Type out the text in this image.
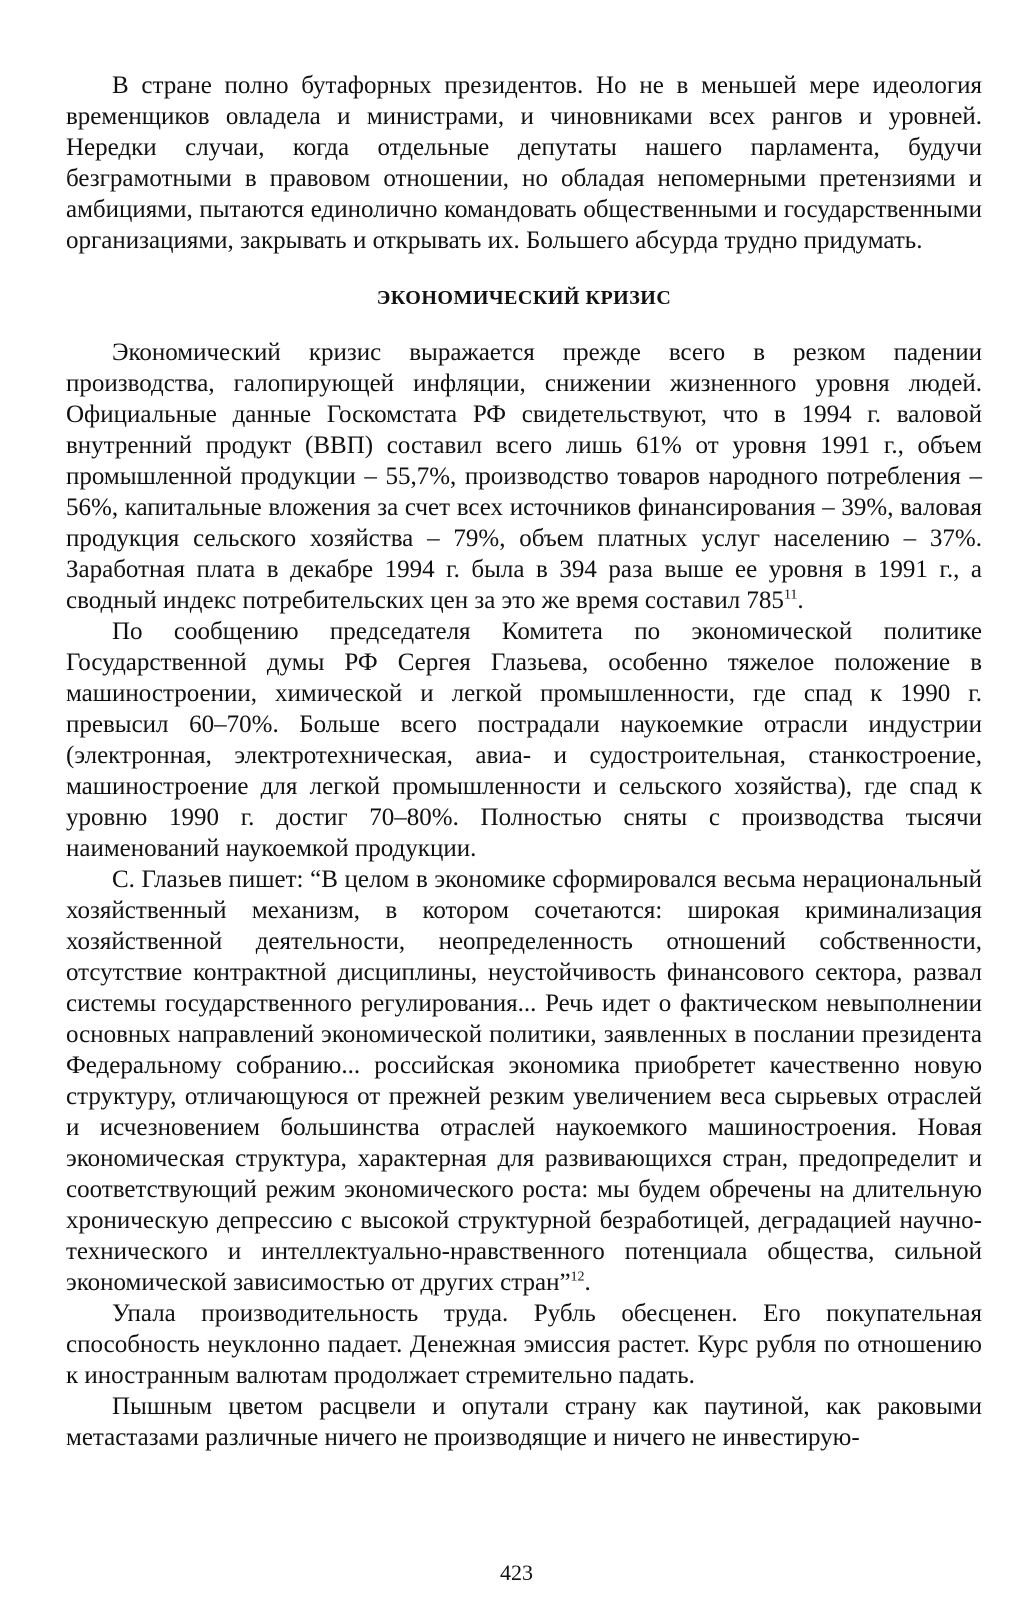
В стране полно бутафорных президентов. Но не в меньшей мере идеология временщиков овладела и министрами, и чиновниками всех рангов и уровней. Нередки случаи, когда отдельные депутаты нашего парламента, будучи безграмотными в правовом отношении, но обладая непомерными претензиями и амбициями, пытаются единолично командовать общественными и государственными организациями, закрывать и открывать их. Большего абсурда трудно придумать.

ЭКОНОМИЧЕСКИЙ КРИЗИС

Экономический кризис выражается прежде всего в резком падении производства, галопирующей инфляции, снижении жизненного уровня людей. Официальные данные Госкомстата РФ свидетельствуют, что в 1994 г. валовой внутренний продукт (ВВП) составил всего лишь 61% от уровня 1991 г., объем промышленной продукции – 55,7%, производство товаров народного потребления – 56%, капитальные вложения за счет всех источников финансирования – 39%, валовая продукция сельского хозяйства – 79%, объем платных услуг населению – 37%. Заработная плата в декабре 1994 г. была в 394 раза выше ее уровня в 1991 г., а сводный индекс потребительских цен за это же время составил 785$^{11}$.

По сообщению председателя Комитета по экономической политике Государственной думы РФ Сергея Глазьева, особенно тяжелое положение в машиностроении, химической и легкой промышленности, где спад к 1990 г. превысил 60–70%. Больше всего пострадали наукоемкие отрасли индустрии (электронная, электротехническая, авиа- и судостроительная, станкостроение, машиностроение для легкой промышленности и сельского хозяйства), где спад к уровню 1990 г. достиг 70–80%. Полностью сняты с производства тысячи наименований наукоемкой продукции.

С. Глазьев пишет: “В целом в экономике сформировался весьма нерациональный хозяйственный механизм, в котором сочетаются: широкая криминализация хозяйственной деятельности, неопределенность отношений собственности, отсутствие контрактной дисциплины, неустойчивость финансового сектора, развал системы государственного регулирования... Речь идет о фактическом невыполнении основных направлений экономической политики, заявленных в послании президента Федеральному собранию... российская экономика приобретет качественно новую структуру, отличающуюся от прежней резким увеличением веса сырьевых отраслей и исчезновением большинства отраслей наукоемкого машиностроения. Новая экономическая структура, характерная для развивающихся стран, предопределит и соответствующий режим экономического роста: мы будем обречены на длительную хроническую депрессию с высокой структурной безработицей, деградацией научно-технического и интеллектуально-нравственного потенциала общества, сильной экономической зависимостью от других стран”$^{12}$.

Упала производительность труда. Рубль обесценен. Его покупательная способность неуклонно падает. Денежная эмиссия растет. Курс рубля по отношению к иностранным валютам продолжает стремительно падать.

Пышным цветом расцвели и опутали страну как паутиной, как раковыми метастазами различные ничего не производящие и ничего не инвестирую-

423
